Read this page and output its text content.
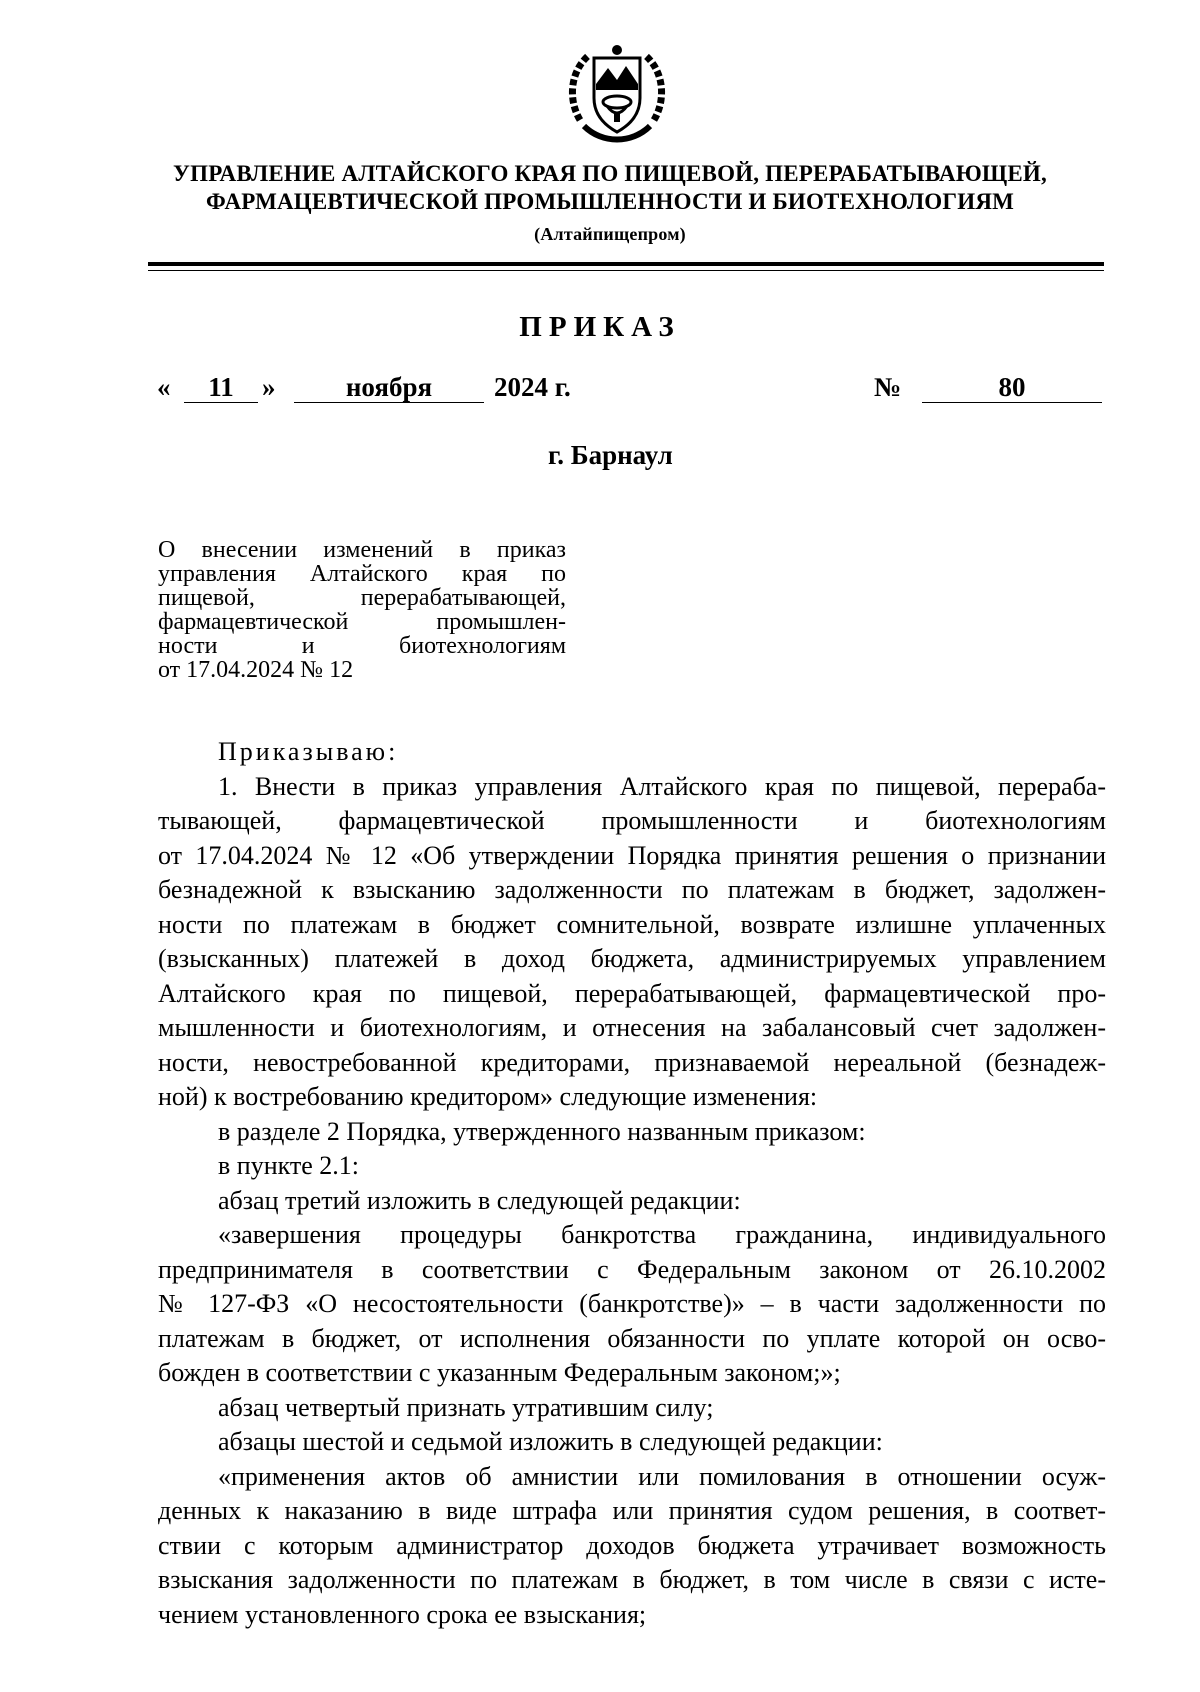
УПРАВЛЕНИЕ АЛТАЙСКОГО КРАЯ ПО ПИЩЕВОЙ, ПЕРЕРАБАТЫВАЮЩЕЙ,
ФАРМАЦЕВТИЧЕСКОЙ ПРОМЫШЛЕННОСТИ И БИОТЕХНОЛОГИЯМ
(Алтайпищепром)
ПРИКАЗ
«	11	»	ноября	2024 г.	№	80
г. Барнаул
О внесении изменений в приказ
управления Алтайского края по
пищевой, перерабатывающей,
фармацевтической промышлен-
ности и биотехнологиям
от 17.04.2024 № 12
Приказываю:
1. Внести в приказ управления Алтайского края по пищевой, перераба-
тывающей, фармацевтической промышленности и биотехнологиям
от 17.04.2024 № 12 «Об утверждении Порядка принятия решения о признании
безнадежной к взысканию задолженности по платежам в бюджет, задолжен-
ности по платежам в бюджет сомнительной, возврате излишне уплаченных
(взысканных) платежей в доход бюджета, администрируемых управлением
Алтайского края по пищевой, перерабатывающей, фармацевтической про-
мышленности и биотехнологиям, и отнесения на забалансовый счет задолжен-
ности, невостребованной кредиторами, признаваемой нереальной (безнадеж-
ной) к востребованию кредитором» следующие изменения:
в разделе 2 Порядка, утвержденного названным приказом:
в пункте 2.1:
абзац третий изложить в следующей редакции:
«завершения процедуры банкротства гражданина, индивидуального
предпринимателя в соответствии с Федеральным законом от 26.10.2002
№ 127-ФЗ «О несостоятельности (банкротстве)» – в части задолженности по
платежам в бюджет, от исполнения обязанности по уплате которой он осво-
божден в соответствии с указанным Федеральным законом;»;
абзац четвертый признать утратившим силу;
абзацы шестой и седьмой изложить в следующей редакции:
«применения актов об амнистии или помилования в отношении осуж-
денных к наказанию в виде штрафа или принятия судом решения, в соответ-
ствии с которым администратор доходов бюджета утрачивает возможность
взыскания задолженности по платежам в бюджет, в том числе в связи с исте-
чением установленного срока ее взыскания;
